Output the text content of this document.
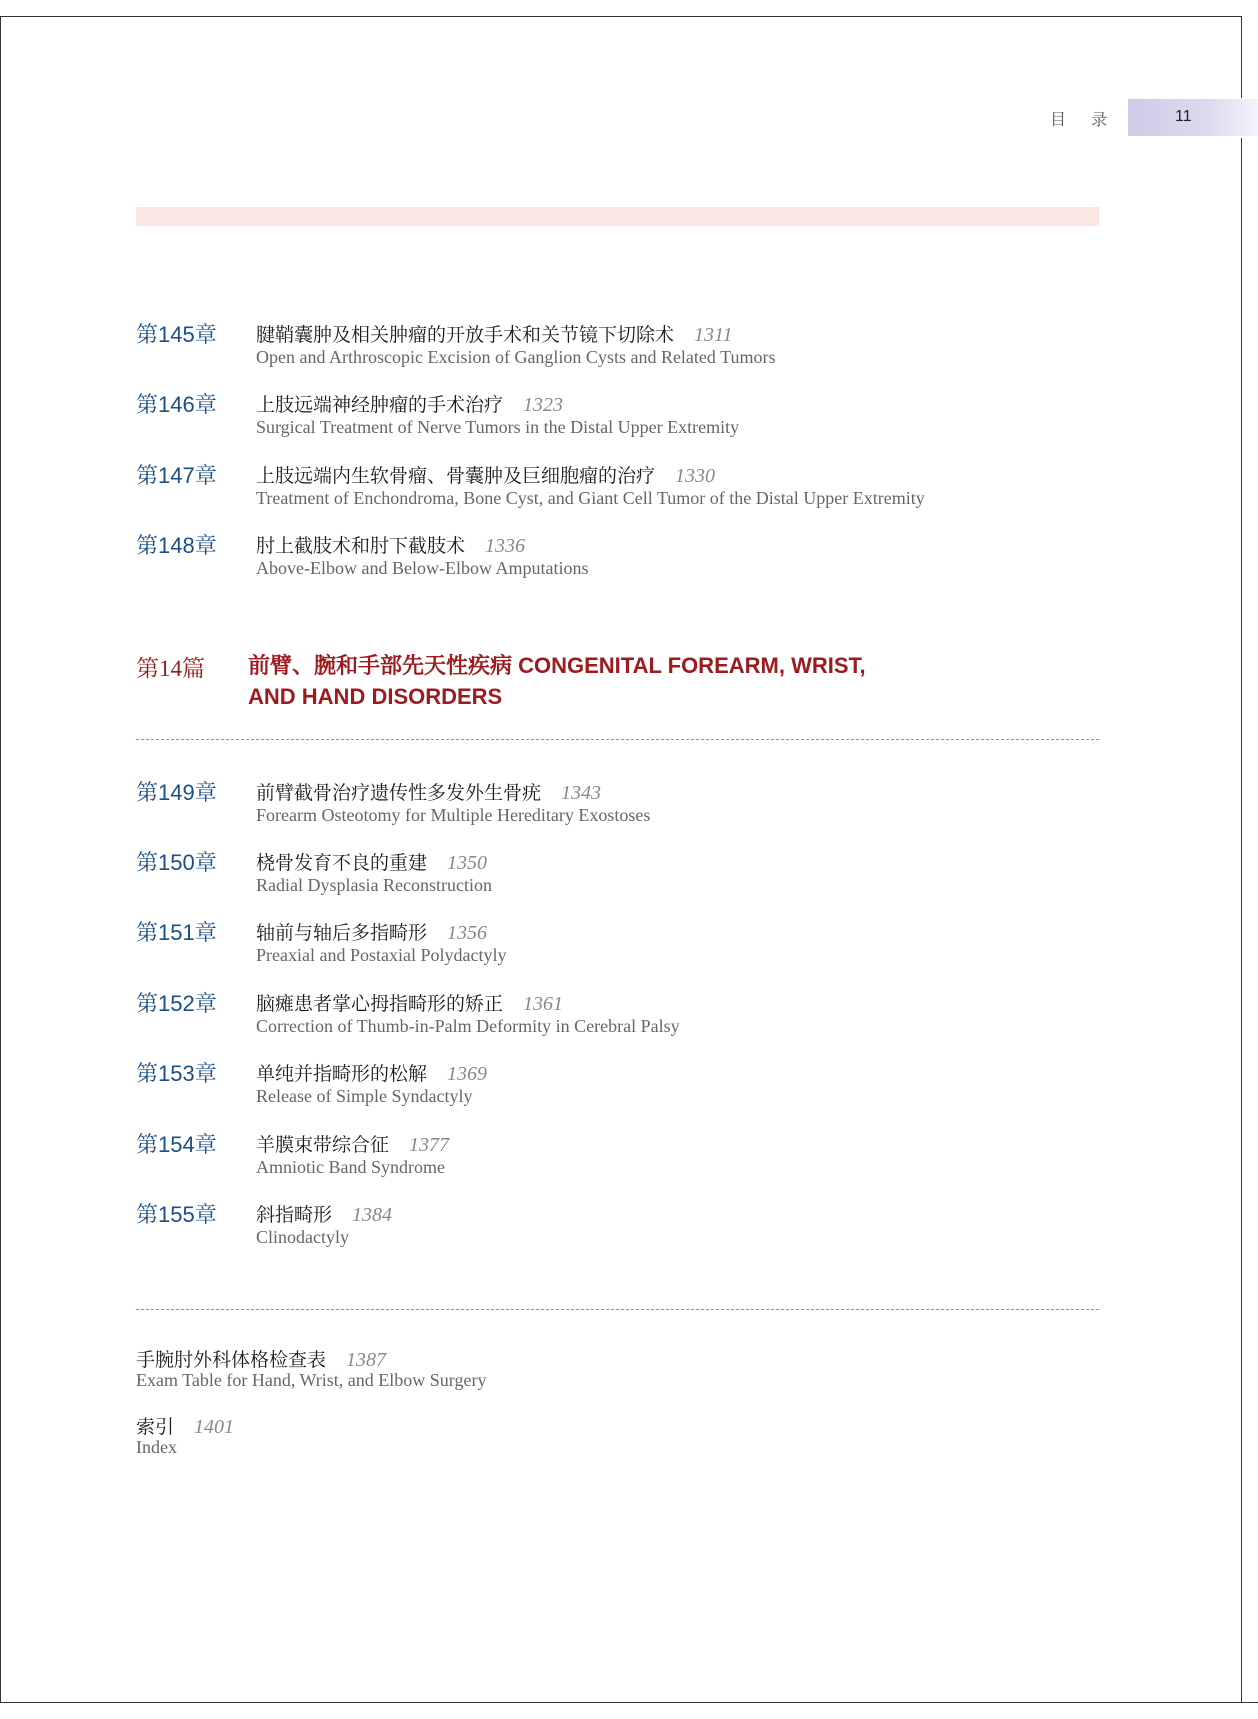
目 录	11
第145章 腱鞘囊肿及相关肿瘤的开放手术和关节镜下切除术 1311
Open and Arthroscopic Excision of Ganglion Cysts and Related Tumors
第146章 上肢远端神经肿瘤的手术治疗 1323
Surgical Treatment of Nerve Tumors in the Distal Upper Extremity
第147章 上肢远端内生软骨瘤、骨囊肿及巨细胞瘤的治疗 1330
Treatment of Enchondroma, Bone Cyst, and Giant Cell Tumor of the Distal Upper Extremity
第148章 肘上截肢术和肘下截肢术 1336
Above-Elbow and Below-Elbow Amputations
第14篇 前臂、腕和手部先天性疾病 CONGENITAL FOREARM, WRIST,
AND HAND DISORDERS
第149章 前臂截骨治疗遗传性多发外生骨疣 1343
Forearm Osteotomy for Multiple Hereditary Exostoses
第150章 桡骨发育不良的重建 1350
Radial Dysplasia Reconstruction
第151章 轴前与轴后多指畸形 1356
Preaxial and Postaxial Polydactyly
第152章 脑瘫患者掌心拇指畸形的矫正 1361
Correction of Thumb-in-Palm Deformity in Cerebral Palsy
第153章 单纯并指畸形的松解 1369
Release of Simple Syndactyly
第154章 羊膜束带综合征 1377
Amniotic Band Syndrome
第155章 斜指畸形 1384
Clinodactyly
手腕肘外科体格检查表 1387
Exam Table for Hand, Wrist, and Elbow Surgery
索引 1401
Index
